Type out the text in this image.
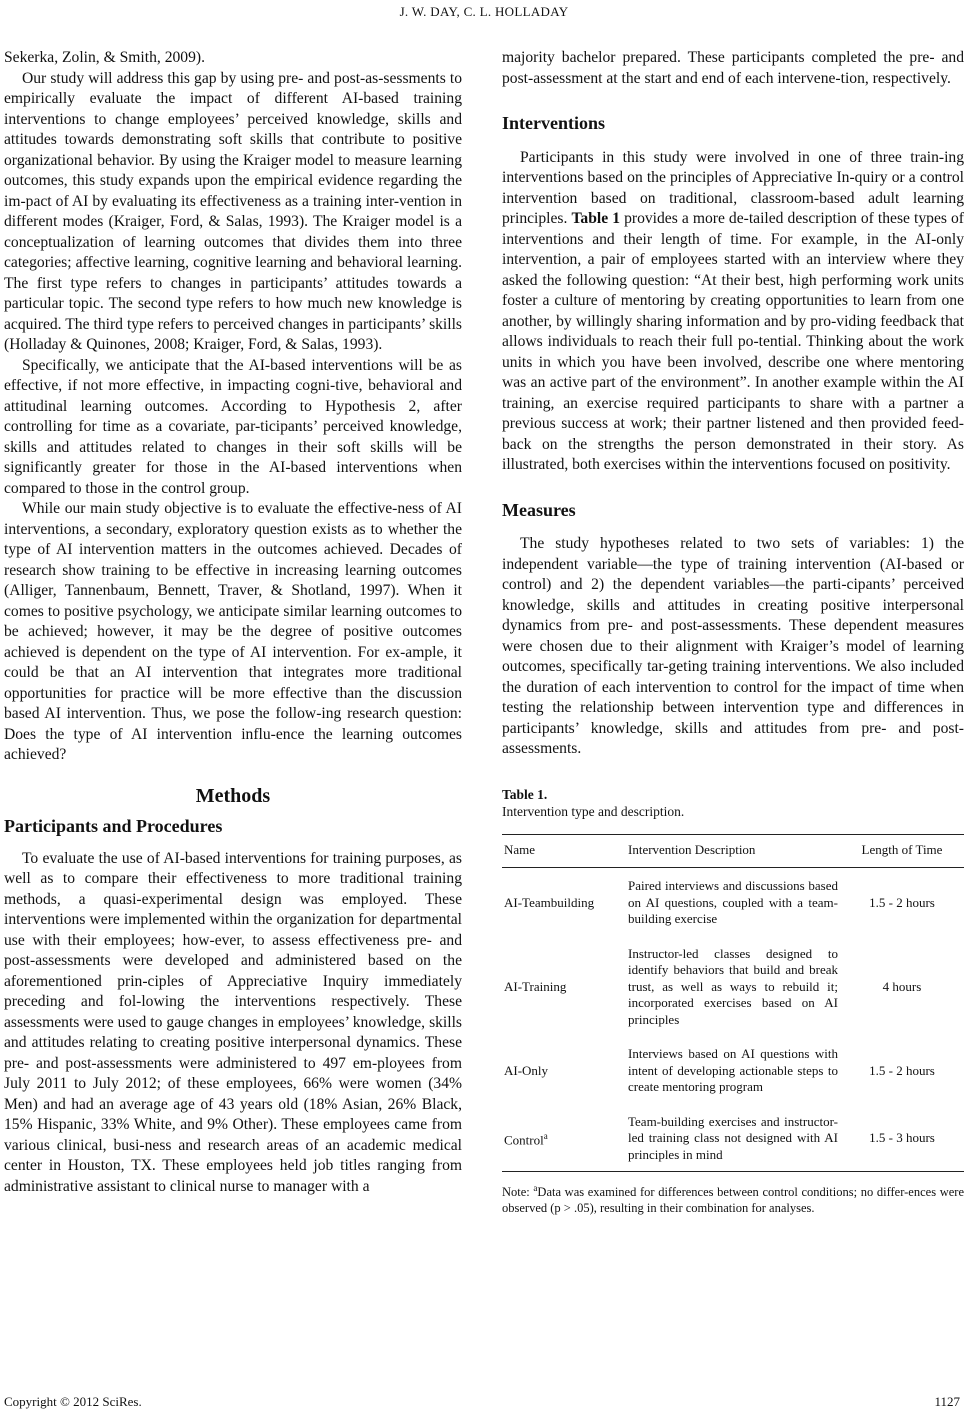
J. W. DAY, C. L. HOLLADAY

Sekerka, Zolin, & Smith, 2009).

Our study will address this gap by using pre- and post-as-sessments to empirically evaluate the impact of different AI-based training interventions to change employees’ perceived knowledge, skills and attitudes towards demonstrating soft skills that contribute to positive organizational behavior. By using the Kraiger model to measure learning outcomes, this study expands upon the empirical evidence regarding the im-pact of AI by evaluating its effectiveness as a training inter-vention in different modes (Kraiger, Ford, & Salas, 1993). The Kraiger model is a conceptualization of learning outcomes that divides them into three categories; affective learning, cognitive learning and behavioral learning. The first type refers to changes in participants’ attitudes towards a particular topic. The second type refers to how much new knowledge is acquired. The third type refers to perceived changes in participants’ skills (Holladay & Quinones, 2008; Kraiger, Ford, & Salas, 1993).

Specifically, we anticipate that the AI-based interventions will be as effective, if not more effective, in impacting cogni-tive, behavioral and attitudinal learning outcomes. According to Hypothesis 2, after controlling for time as a covariate, par-ticipants’ perceived knowledge, skills and attitudes related to changes in their soft skills will be significantly greater for those in the AI-based interventions when compared to those in the control group.

While our main study objective is to evaluate the effective-ness of AI interventions, a secondary, exploratory question exists as to whether the type of AI intervention matters in the outcomes achieved. Decades of research show training to be effective in increasing learning outcomes (Alliger, Tannenbaum, Bennett, Traver, & Shotland, 1997). When it comes to positive psychology, we anticipate similar learning outcomes to be achieved; however, it may be the degree of positive outcomes achieved is dependent on the type of AI intervention. For ex-ample, it could be that an AI intervention that integrates more traditional opportunities for practice will be more effective than the discussion based AI intervention. Thus, we pose the follow-ing research question: Does the type of AI intervention influ-ence the learning outcomes achieved?

Methods
Participants and Procedures

To evaluate the use of AI-based interventions for training purposes, as well as to compare their effectiveness to more traditional training methods, a quasi-experimental design was employed. These interventions were implemented within the organization for departmental use with their employees; how-ever, to assess effectiveness pre- and post-assessments were developed and administered based on the aforementioned prin-ciples of Appreciative Inquiry immediately preceding and fol-lowing the interventions respectively. These assessments were used to gauge changes in employees’ knowledge, skills and attitudes relating to creating positive interpersonal dynamics. These pre- and post-assessments were administered to 497 em-ployees from July 2011 to July 2012; of these employees, 66% were women (34% Men) and had an average age of 43 years old (18% Asian, 26% Black, 15% Hispanic, 33% White, and 9% Other). These employees came from various clinical, busi-ness and research areas of an academic medical center in Houston, TX. These employees held job titles ranging from administrative assistant to clinical nurse to manager with a

majority bachelor prepared. These participants completed the pre- and post-assessment at the start and end of each intervene-tion, respectively.

Interventions

Participants in this study were involved in one of three train-ing interventions based on the principles of Appreciative In-quiry or a control intervention based on traditional, classroom-based adult learning principles. Table 1 provides a more de-tailed description of these types of interventions and their length of time. For example, in the AI-only intervention, a pair of employees started with an interview where they asked the following question: “At their best, high performing work units foster a culture of mentoring by creating opportunities to learn from one another, by willingly sharing information and by pro-viding feedback that allows individuals to reach their full po-tential. Thinking about the work units in which you have been involved, describe one where mentoring was an active part of the environment”. In another example within the AI training, an exercise required participants to share with a partner a previous success at work; their partner listened and then provided feed-back on the strengths the person demonstrated in their story. As illustrated, both exercises within the interventions focused on positivity.

Measures

The study hypotheses related to two sets of variables: 1) the independent variable—the type of training intervention (AI-based or control) and 2) the dependent variables—the parti-cipants’ perceived knowledge, skills and attitudes in creating positive interpersonal dynamics from pre- and post-assessments. These dependent measures were chosen due to their alignment with Kraiger’s model of learning outcomes, specifically tar-geting training interventions. We also included the duration of each intervention to control for the impact of time when testing the relationship between intervention type and differences in participants’ knowledge, skills and attitudes from pre- and post-assessments.

Table 1.
Intervention type and description.
Name	Intervention Description	Length of Time
AI-Teambuilding	Paired interviews and discussions based on AI questions, coupled with a team-building exercise	1.5 - 2 hours
AI-Training	Instructor-led classes designed to identify behaviors that build and break trust, as well as ways to rebuild it; incorporated exercises based on AI principles	4 hours
AI-Only	Interviews based on AI questions with intent of developing actionable steps to create mentoring program	1.5 - 2 hours
Control$^a$	Team-building exercises and instructor-led training class not designed with AI principles in mind	1.5 - 3 hours
Note: $^a$Data was examined for differences between control conditions; no differ-ences were observed (p > .05), resulting in their combination for analyses.
Copyright © 2012 SciRes.	1127
